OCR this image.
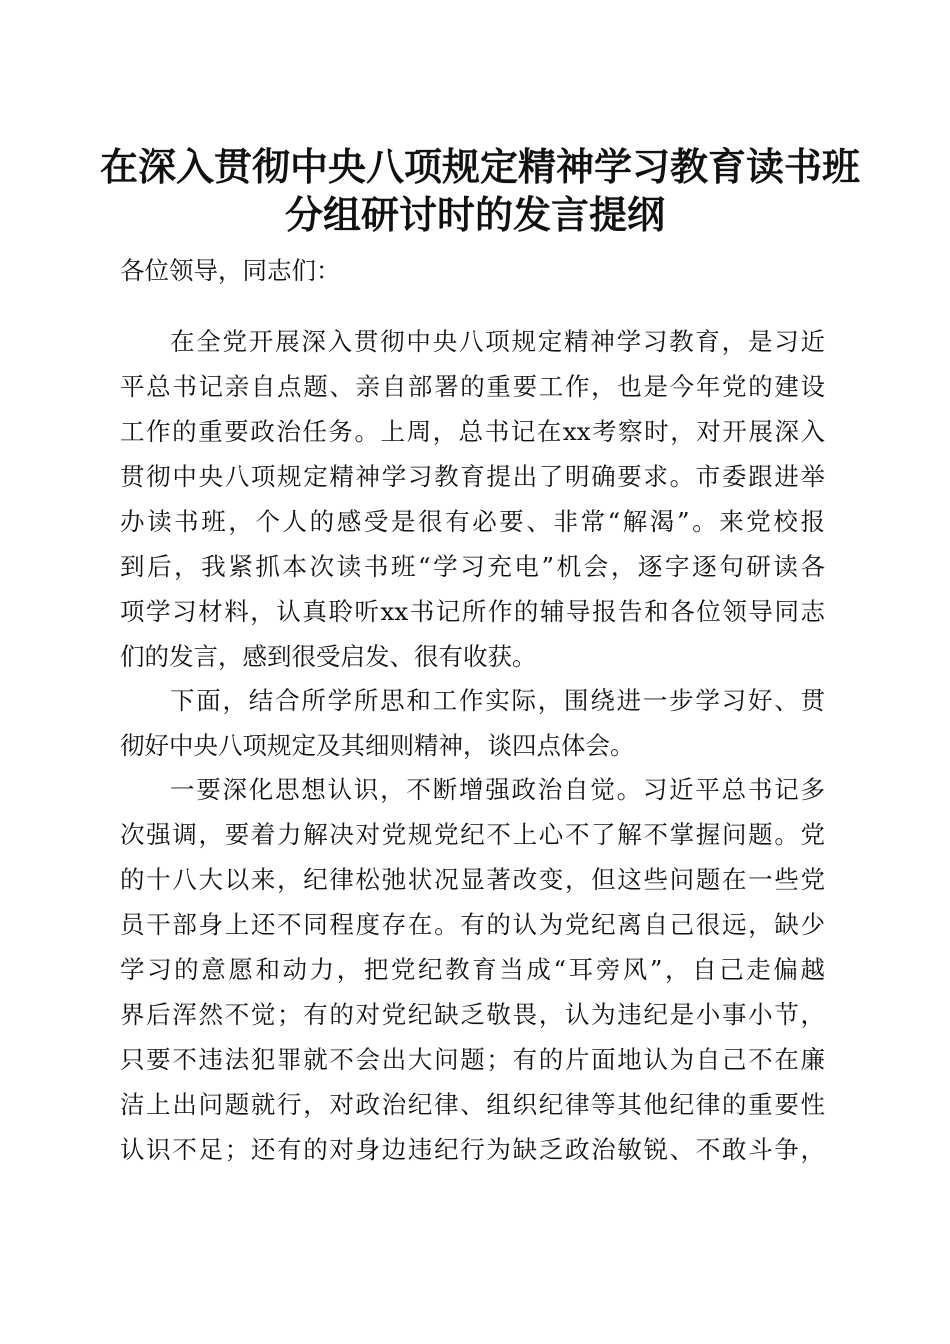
在深入贯彻中央八项规定精神学习教育读书班
分组研讨时的发言提纲

各位领导，同志们：

在全党开展深入贯彻中央八项规定精神学习教育，是习近

平总书记亲自点题、亲自部署的重要工作，也是今年党的建设

工作的重要政治任务。上周，总书记在xx考察时，对开展深入

贯彻中央八项规定精神学习教育提出了明确要求。市委跟进举

办读书班，个人的感受是很有必要、非常“解渴”。来党校报

到后，我紧抓本次读书班“学习充电”机会，逐字逐句研读各

项学习材料，认真聆听xx书记所作的辅导报告和各位领导同志

们的发言，感到很受启发、很有收获。

下面，结合所学所思和工作实际，围绕进一步学习好、贯

彻好中央八项规定及其细则精神，谈四点体会。

一要深化思想认识，不断增强政治自觉。习近平总书记多

次强调，要着力解决对党规党纪不上心不了解不掌握问题。党

的十八大以来，纪律松弛状况显著改变，但这些问题在一些党

员干部身上还不同程度存在。有的认为党纪离自己很远，缺少

学习的意愿和动力，把党纪教育当成“耳旁风”，自己走偏越

界后浑然不觉；有的对党纪缺乏敬畏，认为违纪是小事小节，

只要不违法犯罪就不会出大问题；有的片面地认为自己不在廉

洁上出问题就行，对政治纪律、组织纪律等其他纪律的重要性

认识不足；还有的对身边违纪行为缺乏政治敏锐、不敢斗争，
